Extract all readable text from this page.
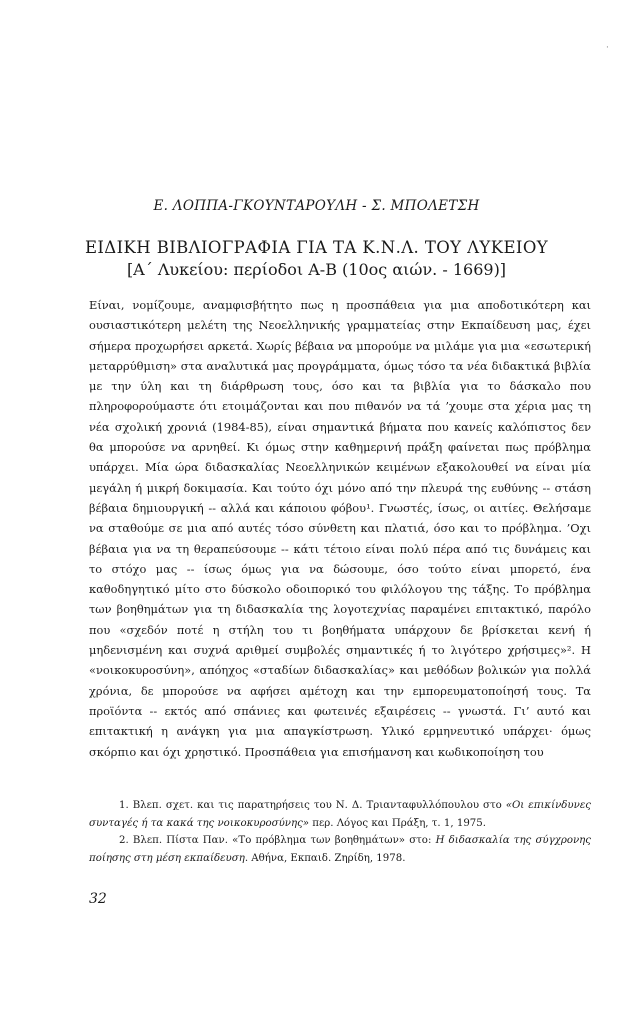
·
Ε. ΛΟΠΠΑ-ΓΚΟΥΝΤΑΡΟΥΛΗ - Σ. ΜΠΟΛΕΤΣΗ
ΕΙΔΙΚΗ ΒΙΒΛΙΟΓΡΑΦΙΑ ΓΙΑ ΤΑ Κ.Ν.Λ. ΤΟΥ ΛΥΚΕΙΟΥ
[Α΄ Λυκείου: περίοδοι Α-Β (10ος αιών. - 1669)]

Είναι, νομίζουμε, αναμφισβήτητο πως η προσπάθεια για μια αποδοτικότερη και ουσιαστικότερη μελέτη της Νεοελληνικής γραμματείας στην Εκπαίδευση μας, έχει σήμερα προχωρήσει αρκετά. Χωρίς βέβαια να μπορούμε να μιλάμε για μια «εσωτερική μεταρρύθμιση» στα αναλυτικά μας προγράμματα, όμως τόσο τα νέα διδακτικά βιβλία με την ύλη και τη διάρθρωση τους, όσο και τα βιβλία για το δάσκαλο που πληροφορούμαστε ότι ετοιμάζονται και που πιθανόν να τά ’χουμε στα χέρια μας τη νέα σχολική χρονιά (1984-85), είναι σημαντικά βήματα που κανείς καλόπιστος δεν θα μπορούσε να αρνηθεί. Κι όμως στην καθημερινή πράξη φαίνεται πως πρόβλημα υπάρχει. Μία ώρα διδασκαλίας Νεοελληνικών κειμένων εξακολουθεί να είναι μία μεγάλη ή μικρή δοκιμασία. Και τούτο όχι μόνο από την πλευρά της ευθύνης -- στάση βέβαια δημιουργική -- αλλά και κάποιου φόβου¹. Γνωστές, ίσως, οι αιτίες. Θελήσαμε να σταθούμε σε μια από αυτές τόσο σύνθετη και πλατιά, όσο και το πρόβλημα. ’Οχι βέβαια για να τη θεραπεύσουμε -- κάτι τέτοιο είναι πολύ πέρα από τις δυνάμεις και το στόχο μας -- ίσως όμως για να δώσουμε, όσο τούτο είναι μπορετό, ένα καθοδηγητικό μίτο στο δύσκολο οδοιπορικό του φιλόλογου της τάξης. Το πρόβλημα των βοηθημάτων για τη διδασκαλία της λογοτεχνίας παραμένει επιτακτικό, παρόλο που «σχεδόν ποτέ η στήλη του τι βοηθήματα υπάρχουν δε βρίσκεται κενή ή μηδενισμένη και συχνά αριθμεί συμβολές σημαντικές ή το λιγότερο χρήσιμες»². Η «νοικοκυροσύνη», απόηχος «σταδίων διδασκαλίας» και μεθόδων βολικών για πολλά χρόνια, δε μπορούσε να αφήσει αμέτοχη και την εμπορευματοποίησή τους. Τα προϊόντα -- εκτός από σπάνιες και φωτεινές εξαιρέσεις -- γνωστά. Γι’ αυτό και επιτακτική η ανάγκη για μια απαγκίστρωση. Υλικό ερμηνευτικό υπάρχει· όμως σκόρπιο και όχι χρηστικό. Προσπάθεια για επισήμανση και κωδικοποίηση του

1. Βλεπ. σχετ. και τις παρατηρήσεις του Ν. Δ. Τριανταφυλλόπουλου στο «Οι επικίνδυνες συνταγές ή τα κακά της νοικοκυροσύνης» περ. Λόγος και Πράξη, τ. 1, 1975.

2. Βλεπ. Πίστα Παν. «Το πρόβλημα των βοηθημάτων» στο: Η διδασκαλία της σύγχρονης ποίησης στη μέση εκπαίδευση. Αθήνα, Εκπαιδ. Ζηρίδη, 1978.

32
